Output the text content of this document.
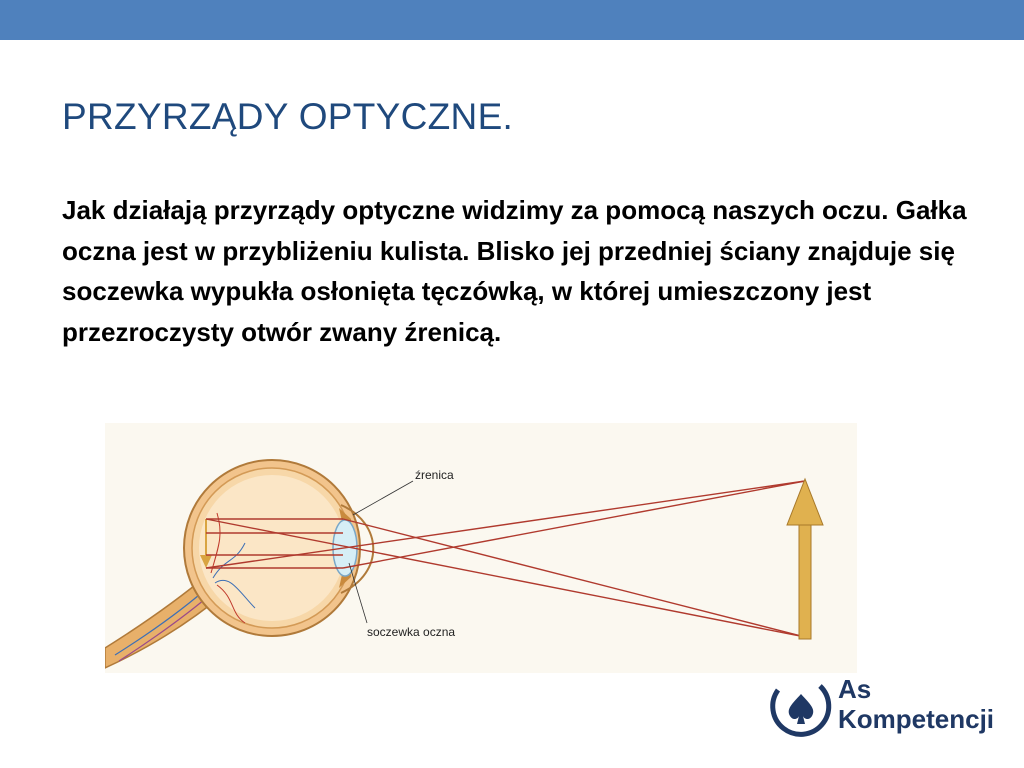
PRZYRZĄDY OPTYCZNE.

Jak działają przyrządy optyczne widzimy za pomocą naszych oczu. Gałka oczna jest w przybliżeniu kulista. Blisko jej przedniej ściany znajduje się soczewka wypukła osłonięta tęczówką, w której umieszczony jest przezroczysty otwór zwany źrenicą.

źrenica
soczewka oczna
As
Kompetencji
